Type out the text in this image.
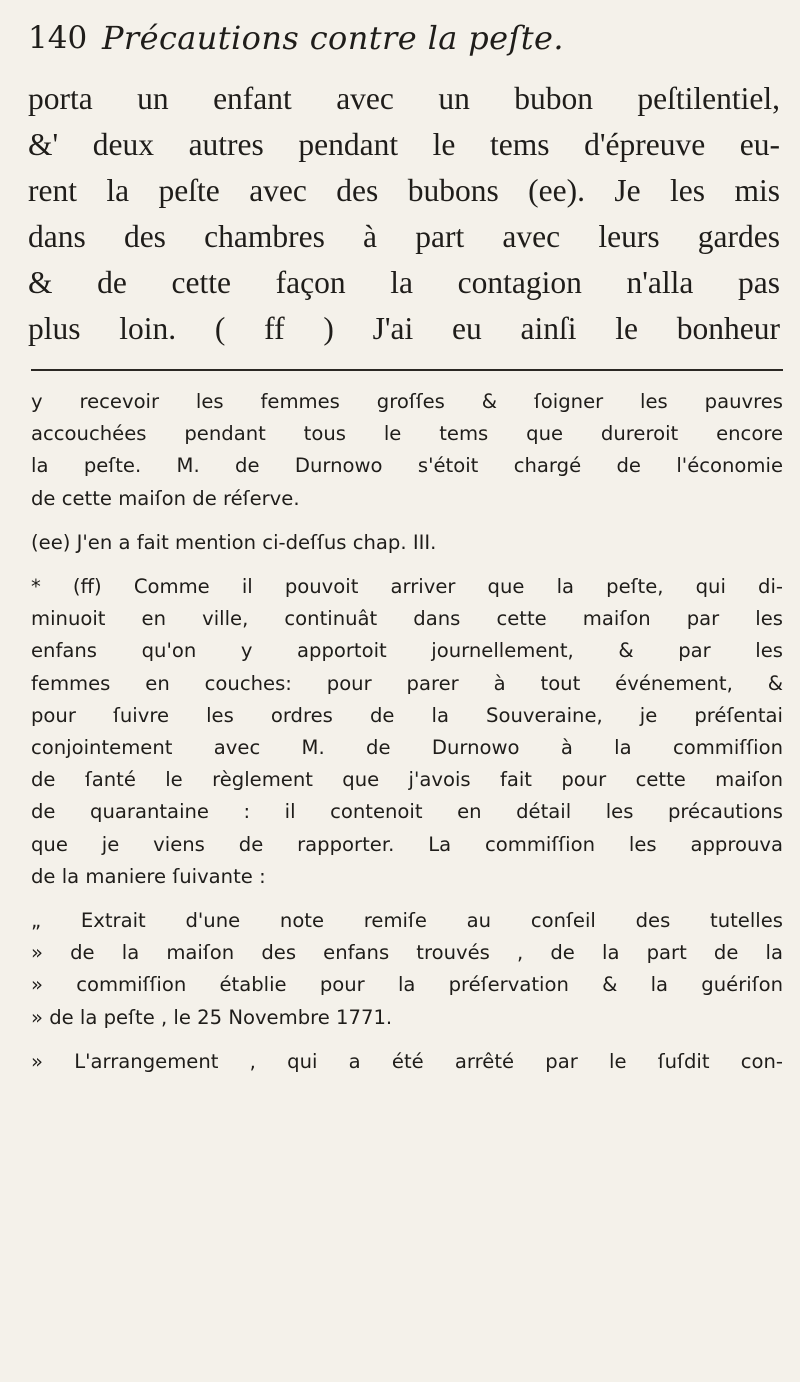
140 Précautions contre la peſte.
porta un enfant avec un bubon peſtilentiel,
&' deux autres pendant le tems d'épreuve eu-
rent la peſte avec des bubons (ee). Je les mis
dans des chambres à part avec leurs gardes
& de cette façon la contagion n'alla pas
plus loin. ( ff ) J'ai eu ainſi le bonheur
y recevoir les femmes groſſes & ſoigner les pauvres
accouchées pendant tous le tems que dureroit encore
la peſte. M. de Durnowo s'étoit chargé de l'économie
de cette maiſon de réſerve.
(ee) J'en a fait mention ci-deſſus chap. III.
* (ff) Comme il pouvoit arriver que la peſte, qui di-
minuoit en ville, continuât dans cette maiſon par les
enfans qu'on y apportoit journellement, & par les
femmes en couches: pour parer à tout événement, &
pour ſuivre les ordres de la Souveraine, je préſentai
conjointement avec M. de Durnowo à la commiſſion
de ſanté le règlement que j'avois fait pour cette maiſon
de quarantaine : il contenoit en détail les précautions
que je viens de rapporter. La commiſſion les approuva
de la maniere ſuivante :
„ Extrait d'une note remiſe au conſeil des tutelles
» de la maiſon des enfans trouvés , de la part de la
» commiſſion établie pour la préſervation & la guériſon
» de la peſte , le 25 Novembre 1771.
» L'arrangement , qui a été arrêté par le ſuſdit con-
